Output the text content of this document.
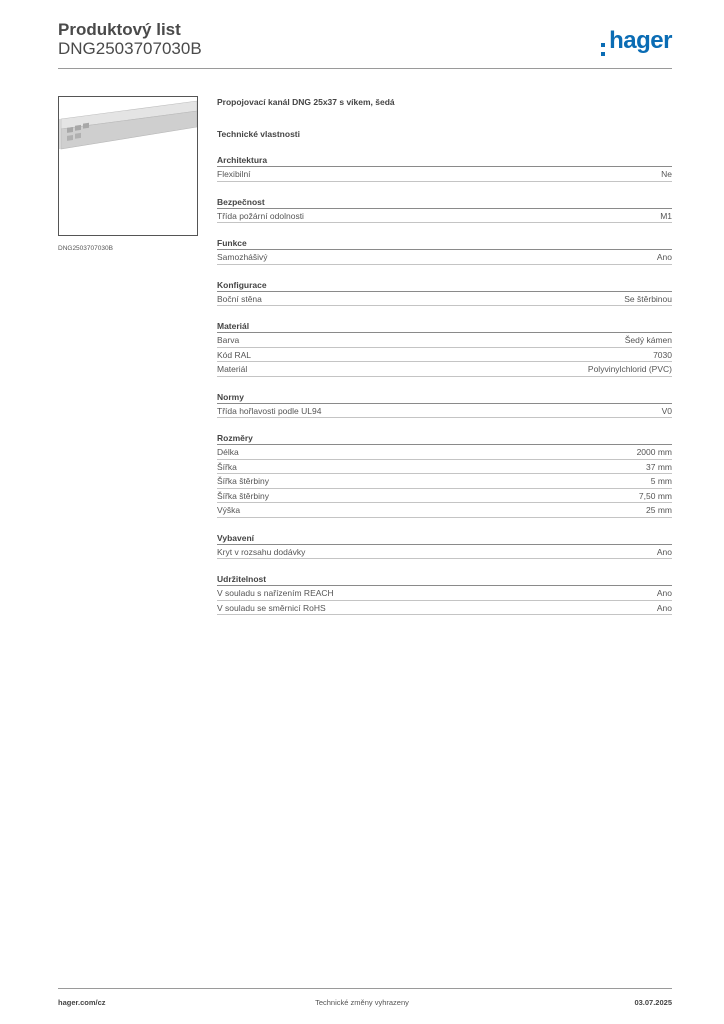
Produktový list
DNG2503707030B	hager
DNG2503707030B
Propojovací kanál DNG 25x37 s víkem, šedá
Technické vlastnosti
Architektura
Flexibilní	Ne
Bezpečnost
Třída požární odolnosti	M1
Funkce
Samozhášivý	Ano
Konfigurace
Boční stěna	Se štěrbinou
Materiál
Barva	Šedý kámen
Kód RAL	7030
Materiál	Polyvinylchlorid (PVC)
Normy
Třída hořlavosti podle UL94	V0
Rozměry
Délka	2000 mm
Šířka	37 mm
Šířka štěrbiny	5 mm
Šířka štěrbiny	7,50 mm
Výška	25 mm
Vybavení
Kryt v rozsahu dodávky	Ano
Udržitelnost
V souladu s nařízením REACH	Ano
V souladu se směrnicí RoHS	Ano
hager.com/cz	Technické změny vyhrazeny	03.07.2025
